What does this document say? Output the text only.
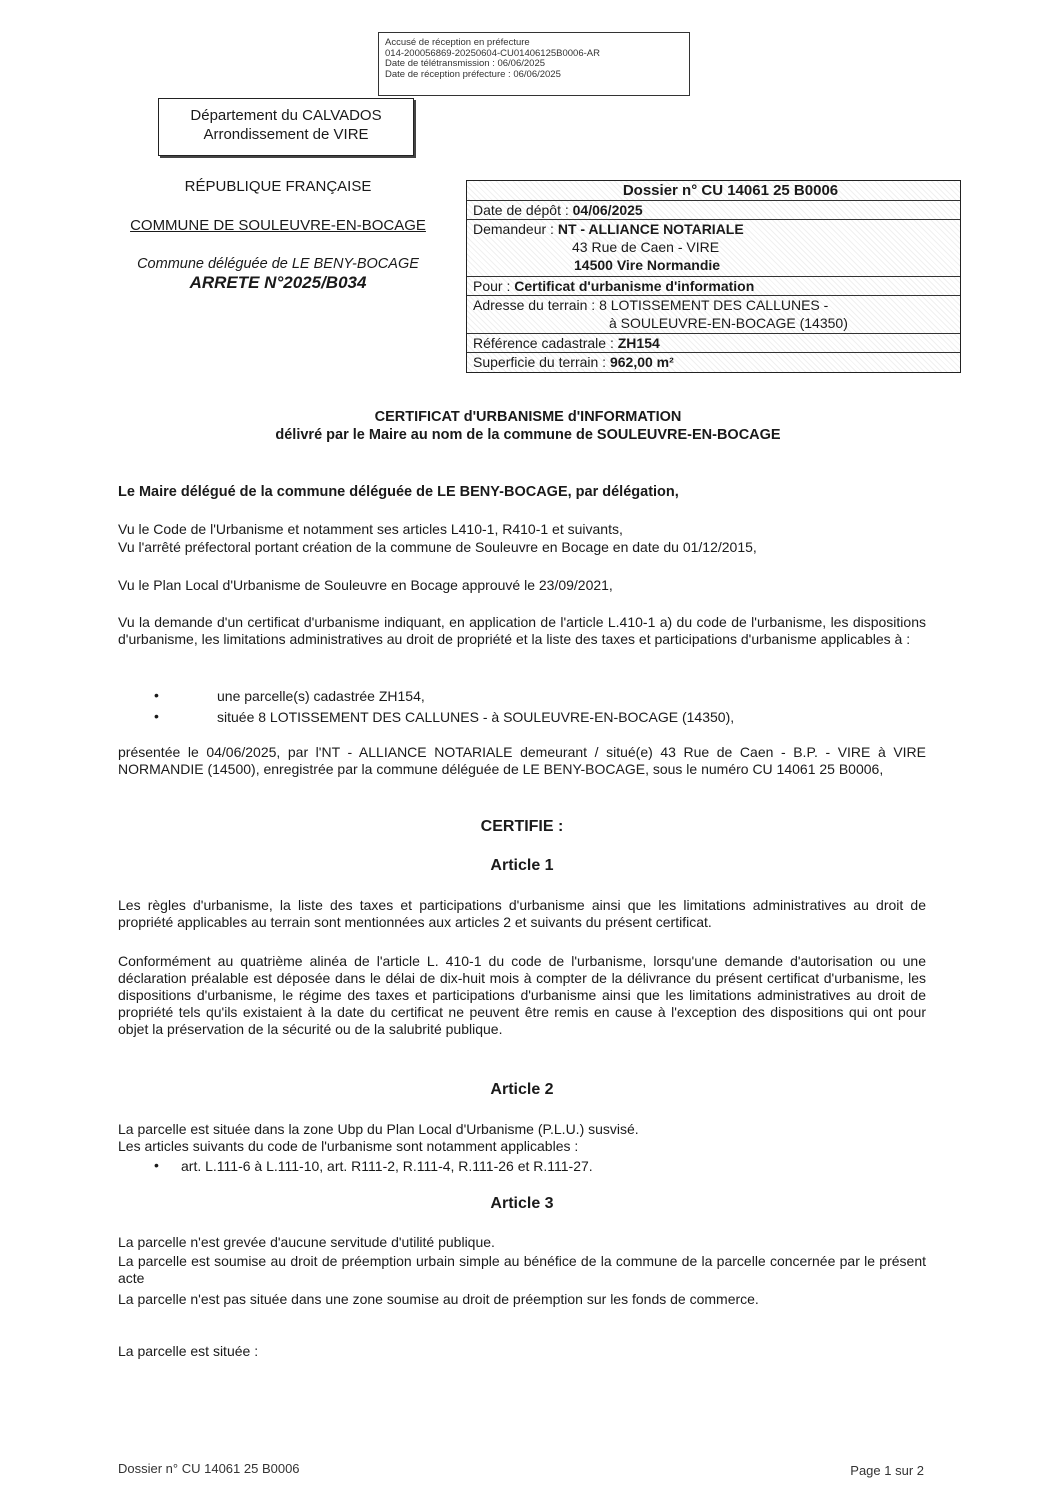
Accusé de réception en préfecture
014-200056869-20250604-CU01406125B0006-AR
Date de télétransmission : 06/06/2025
Date de réception préfecture : 06/06/2025
Département du CALVADOS
Arrondissement de VIRE
RÉPUBLIQUE FRANÇAISE
COMMUNE DE SOULEUVRE-EN-BOCAGE
Commune déléguée de LE BENY-BOCAGE
ARRETE N°2025/B034
Dossier n° CU 14061 25 B0006
Date de dépôt : 04/06/2025
Demandeur : NT - ALLIANCE NOTARIALE
43 Rue de Caen - VIRE
14500 Vire Normandie
Pour : Certificat d'urbanisme d'information
Adresse du terrain : 8 LOTISSEMENT DES CALLUNES -
à SOULEUVRE-EN-BOCAGE (14350)
Référence cadastrale : ZH154
Superficie du terrain : 962,00 m²
CERTIFICAT d'URBANISME d'INFORMATION
délivré par le Maire au nom de la commune de SOULEUVRE-EN-BOCAGE
Le Maire délégué de la commune déléguée de LE BENY-BOCAGE, par délégation,
Vu le Code de l'Urbanisme et notamment ses articles L410-1, R410-1 et suivants,
Vu l'arrêté préfectoral portant création de la commune de Souleuvre en Bocage en date du 01/12/2015,
Vu le Plan Local d'Urbanisme de Souleuvre en Bocage approuvé le 23/09/2021,
Vu la demande d'un certificat d'urbanisme indiquant, en application de l'article L.410-1 a) du code de l'urbanisme, les dispositions d'urbanisme, les limitations administratives au droit de propriété et la liste des taxes et participations d'urbanisme applicables à :
•	une parcelle(s) cadastrée ZH154,
•	située 8 LOTISSEMENT DES CALLUNES - à SOULEUVRE-EN-BOCAGE (14350),
présentée le 04/06/2025, par l'NT - ALLIANCE NOTARIALE demeurant / situé(e) 43 Rue de Caen - B.P. - VIRE à VIRE NORMANDIE (14500), enregistrée par la commune déléguée de LE BENY-BOCAGE, sous le numéro CU 14061 25 B0006,
CERTIFIE :
Article 1
Les règles d'urbanisme, la liste des taxes et participations d'urbanisme ainsi que les limitations administratives au droit de propriété applicables au terrain sont mentionnées aux articles 2 et suivants du présent certificat.
Conformément au quatrième alinéa de l'article L. 410-1 du code de l'urbanisme, lorsqu'une demande d'autorisation ou une déclaration préalable est déposée dans le délai de dix-huit mois à compter de la délivrance du présent certificat d'urbanisme, les dispositions d'urbanisme, le régime des taxes et participations d'urbanisme ainsi que les limitations administratives au droit de propriété tels qu'ils existaient à la date du certificat ne peuvent être remis en cause à l'exception des dispositions qui ont pour objet la préservation de la sécurité ou de la salubrité publique.
Article 2
La parcelle est située dans la zone Ubp du Plan Local d'Urbanisme (P.L.U.) susvisé.
Les articles suivants du code de l'urbanisme sont notamment applicables :
• art. L.111-6 à L.111-10, art. R111-2, R.111-4, R.111-26 et R.111-27.
Article 3
La parcelle n'est grevée d'aucune servitude d'utilité publique.
La parcelle est soumise au droit de préemption urbain simple au bénéfice de la commune de la parcelle concernée par le présent acte
La parcelle n'est pas située dans une zone soumise au droit de préemption sur les fonds de commerce.
La parcelle est située :
Dossier n° CU 14061 25 B0006	Page 1 sur 2
